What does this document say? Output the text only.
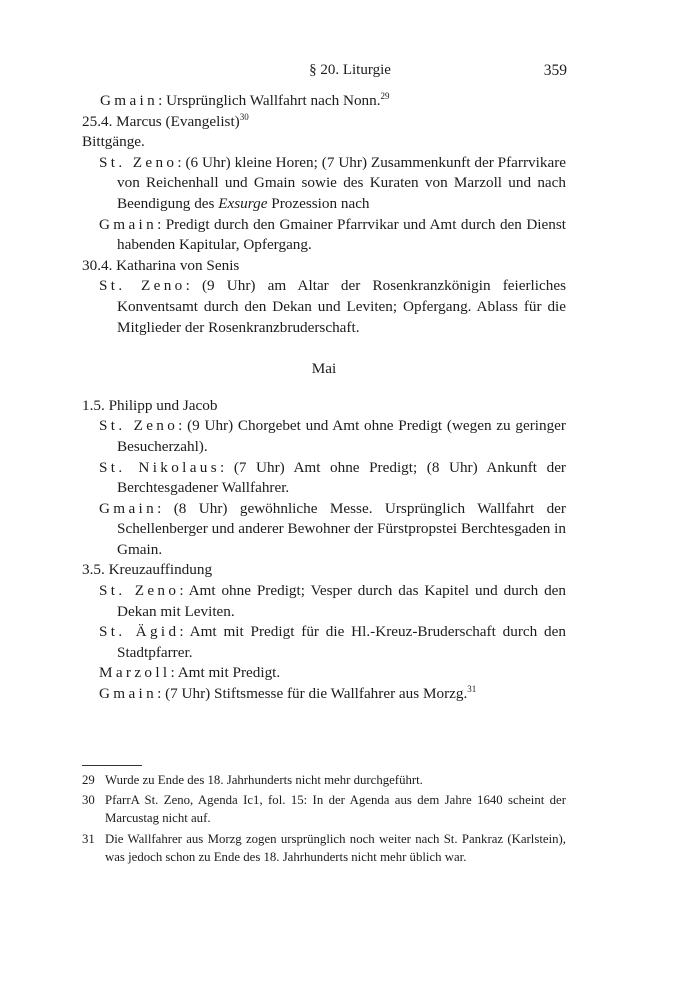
§ 20. Liturgie	359

Gmain: Ursprünglich Wallfahrt nach Nonn.$^{29}$

25.4. Marcus (Evangelist)$^{30}$

Bittgänge.

St. Zeno: (6 Uhr) kleine Horen; (7 Uhr) Zusammenkunft der Pfarrvikare von Reichenhall und Gmain sowie des Kuraten von Marzoll und nach Beendigung des Exsurge Prozession nach

Gmain: Predigt durch den Gmainer Pfarrvikar und Amt durch den Dienst habenden Kapitular, Opfergang.

30.4. Katharina von Senis

St. Zeno: (9 Uhr) am Altar der Rosenkranzkönigin feierliches Konventsamt durch den Dekan und Leviten; Opfergang. Ablass für die Mitglieder der Rosenkranzbruderschaft.

Mai

1.5. Philipp und Jacob

St. Zeno: (9 Uhr) Chorgebet und Amt ohne Predigt (wegen zu geringer Besucherzahl).

St. Nikolaus: (7 Uhr) Amt ohne Predigt; (8 Uhr) Ankunft der Berchtesgadener Wallfahrer.

Gmain: (8 Uhr) gewöhnliche Messe. Ursprünglich Wallfahrt der Schellenberger und anderer Bewohner der Fürstpropstei Berchtesgaden in Gmain.

3.5. Kreuzauffindung

St. Zeno: Amt ohne Predigt; Vesper durch das Kapitel und durch den Dekan mit Leviten.

St. Ägid: Amt mit Predigt für die Hl.-Kreuz-Bruderschaft durch den Stadtpfarrer.

Marzoll: Amt mit Predigt.

Gmain: (7 Uhr) Stiftsmesse für die Wallfahrer aus Morzg.$^{31}$

29 Wurde zu Ende des 18. Jahrhunderts nicht mehr durchgeführt.

30 PfarrA St. Zeno, Agenda Ic1, fol. 15: In der Agenda aus dem Jahre 1640 scheint der Marcustag nicht auf.

31 Die Wallfahrer aus Morzg zogen ursprünglich noch weiter nach St. Pankraz (Karlstein), was jedoch schon zu Ende des 18. Jahrhunderts nicht mehr üblich war.
